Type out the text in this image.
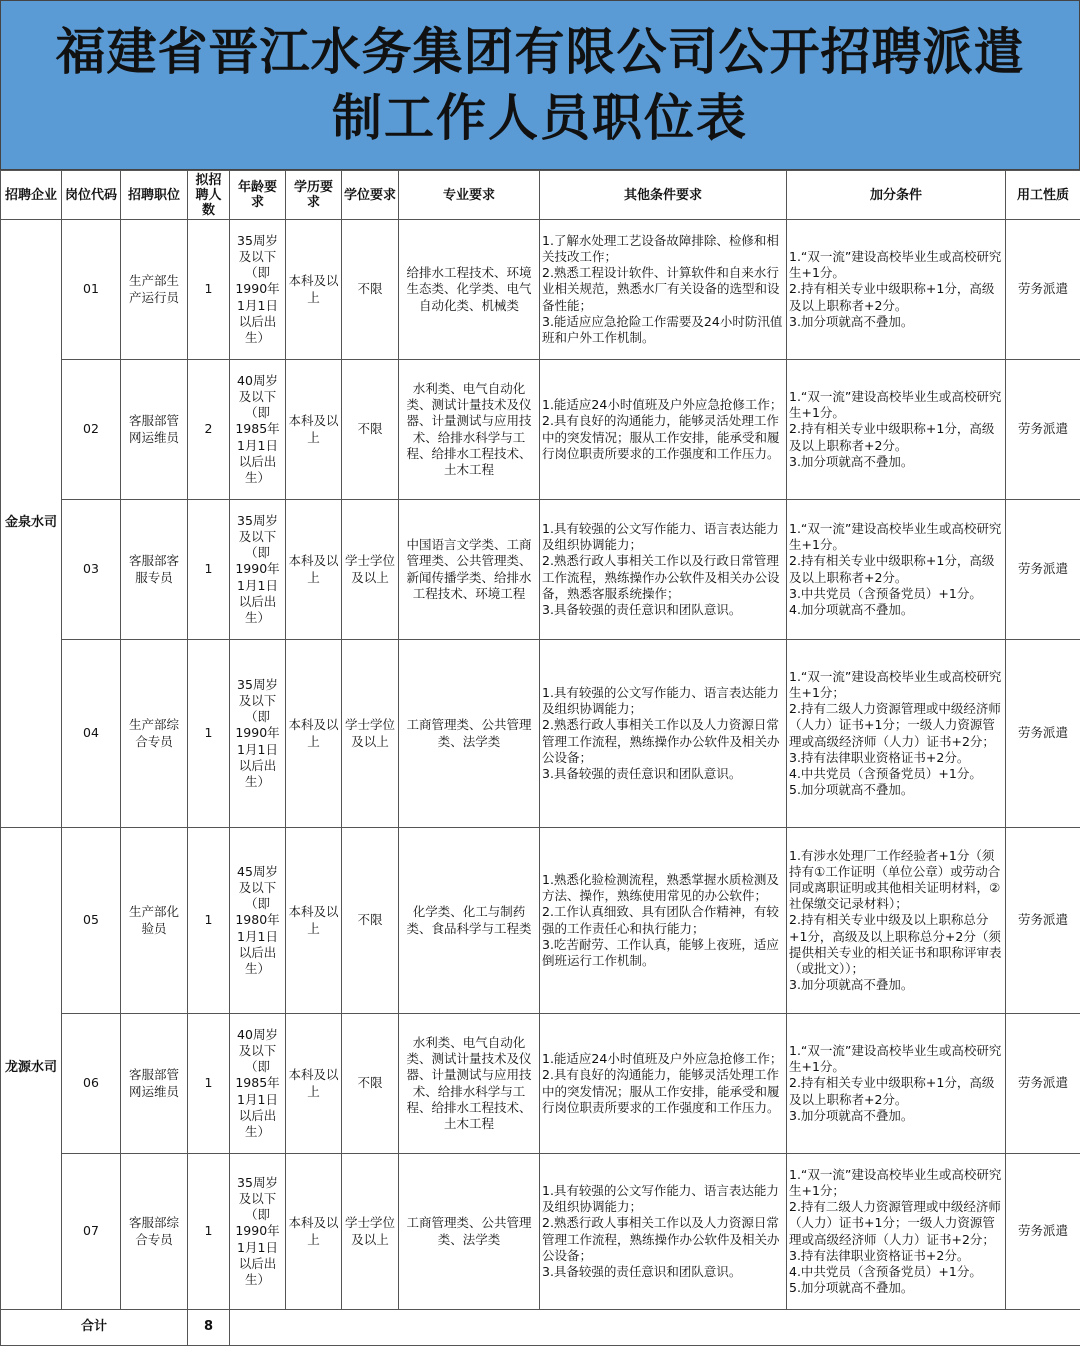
福建省晋江水务集团有限公司公开招聘派遣
制工作人员职位表
招聘企业	岗位代码	招聘职位	拟招聘人数	年龄要求	学历要求	学位要求	专业要求	其他条件要求	加分条件	用工性质
金泉水司	01	生产部生产运行员	1	35周岁及以下（即1990年1月1日以后出生）	本科及以上	不限	给排水工程技术、环境生态类、化学类、电气自动化类、机械类	1.了解水处理工艺设备故障排除、检修和相关技改工作；
2.熟悉工程设计软件、计算软件和自来水行业相关规范，熟悉水厂有关设备的选型和设备性能；
3.能适应应急抢险工作需要及24小时防汛值班和户外工作机制。	1.“双一流”建设高校毕业生或高校研究生+1分。
2.持有相关专业中级职称+1分，高级及以上职称者+2分。
3.加分项就高不叠加。	劳务派遣
	02	客服部管网运维员	2	40周岁及以下（即1985年1月1日以后出生）	本科及以上	不限	水利类、电气自动化类、测试计量技术及仪器、计量测试与应用技术、给排水科学与工程、给排水工程技术、土木工程	1.能适应24小时值班及户外应急抢修工作；
2.具有良好的沟通能力，能够灵活处理工作中的突发情况；服从工作安排，能承受和履行岗位职责所要求的工作强度和工作压力。	1.“双一流”建设高校毕业生或高校研究生+1分。
2.持有相关专业中级职称+1分，高级及以上职称者+2分。
3.加分项就高不叠加。	劳务派遣
	03	客服部客服专员	1	35周岁及以下（即1990年1月1日以后出生）	本科及以上	学士学位及以上	中国语言文学类、工商管理类、公共管理类、新闻传播学类、给排水工程技术、环境工程	1.具有较强的公文写作能力、语言表达能力及组织协调能力；
2.熟悉行政人事相关工作以及行政日常管理工作流程，熟练操作办公软件及相关办公设备，熟悉客服系统操作；
3.具备较强的责任意识和团队意识。	1.“双一流”建设高校毕业生或高校研究生+1分。
2.持有相关专业中级职称+1分，高级及以上职称者+2分。
3.中共党员（含预备党员）+1分。
4.加分项就高不叠加。	劳务派遣
	04	生产部综合专员	1	35周岁及以下（即1990年1月1日以后出生）	本科及以上	学士学位及以上	工商管理类、公共管理类、法学类	1.具有较强的公文写作能力、语言表达能力及组织协调能力；
2.熟悉行政人事相关工作以及人力资源日常管理工作流程，熟练操作办公软件及相关办公设备；
3.具备较强的责任意识和团队意识。	1.“双一流”建设高校毕业生或高校研究生+1分；
2.持有二级人力资源管理或中级经济师（人力）证书+1分；一级人力资源管理或高级经济师（人力）证书+2分；
3.持有法律职业资格证书+2分。
4.中共党员（含预备党员）+1分。
5.加分项就高不叠加。	劳务派遣
龙源水司	05	生产部化验员	1	45周岁及以下（即1980年1月1日以后出生）	本科及以上	不限	化学类、化工与制药类、食品科学与工程类	1.熟悉化验检测流程，熟悉掌握水质检测及方法、操作，熟练使用常见的办公软件；
2.工作认真细致、具有团队合作精神，有较强的工作责任心和执行能力；
3.吃苦耐劳、工作认真，能够上夜班，适应倒班运行工作机制。	1.有涉水处理厂工作经验者+1分（须持有①工作证明（单位公章）或劳动合同或离职证明或其他相关证明材料，②社保缴交记录材料）；
2.持有相关专业中级及以上职称总分+1分，高级及以上职称总分+2分（须提供相关专业的相关证书和职称评审表（或批文））；
3.加分项就高不叠加。	劳务派遣
	06	客服部管网运维员	1	40周岁及以下（即1985年1月1日以后出生）	本科及以上	不限	水利类、电气自动化类、测试计量技术及仪器、计量测试与应用技术、给排水科学与工程、给排水工程技术、土木工程	1.能适应24小时值班及户外应急抢修工作；
2.具有良好的沟通能力，能够灵活处理工作中的突发情况；服从工作安排，能承受和履行岗位职责所要求的工作强度和工作压力。	1.“双一流”建设高校毕业生或高校研究生+1分。
2.持有相关专业中级职称+1分，高级及以上职称者+2分。
3.加分项就高不叠加。	劳务派遣
	07	客服部综合专员	1	35周岁及以下（即1990年1月1日以后出生）	本科及以上	学士学位及以上	工商管理类、公共管理类、法学类	1.具有较强的公文写作能力、语言表达能力及组织协调能力；
2.熟悉行政人事相关工作以及人力资源日常管理工作流程，熟练操作办公软件及相关办公设备；
3.具备较强的责任意识和团队意识。	1.“双一流”建设高校毕业生或高校研究生+1分；
2.持有二级人力资源管理或中级经济师（人力）证书+1分；一级人力资源管理或高级经济师（人力）证书+2分；
3.持有法律职业资格证书+2分。
4.中共党员（含预备党员）+1分。
5.加分项就高不叠加。	劳务派遣
合计			8							
